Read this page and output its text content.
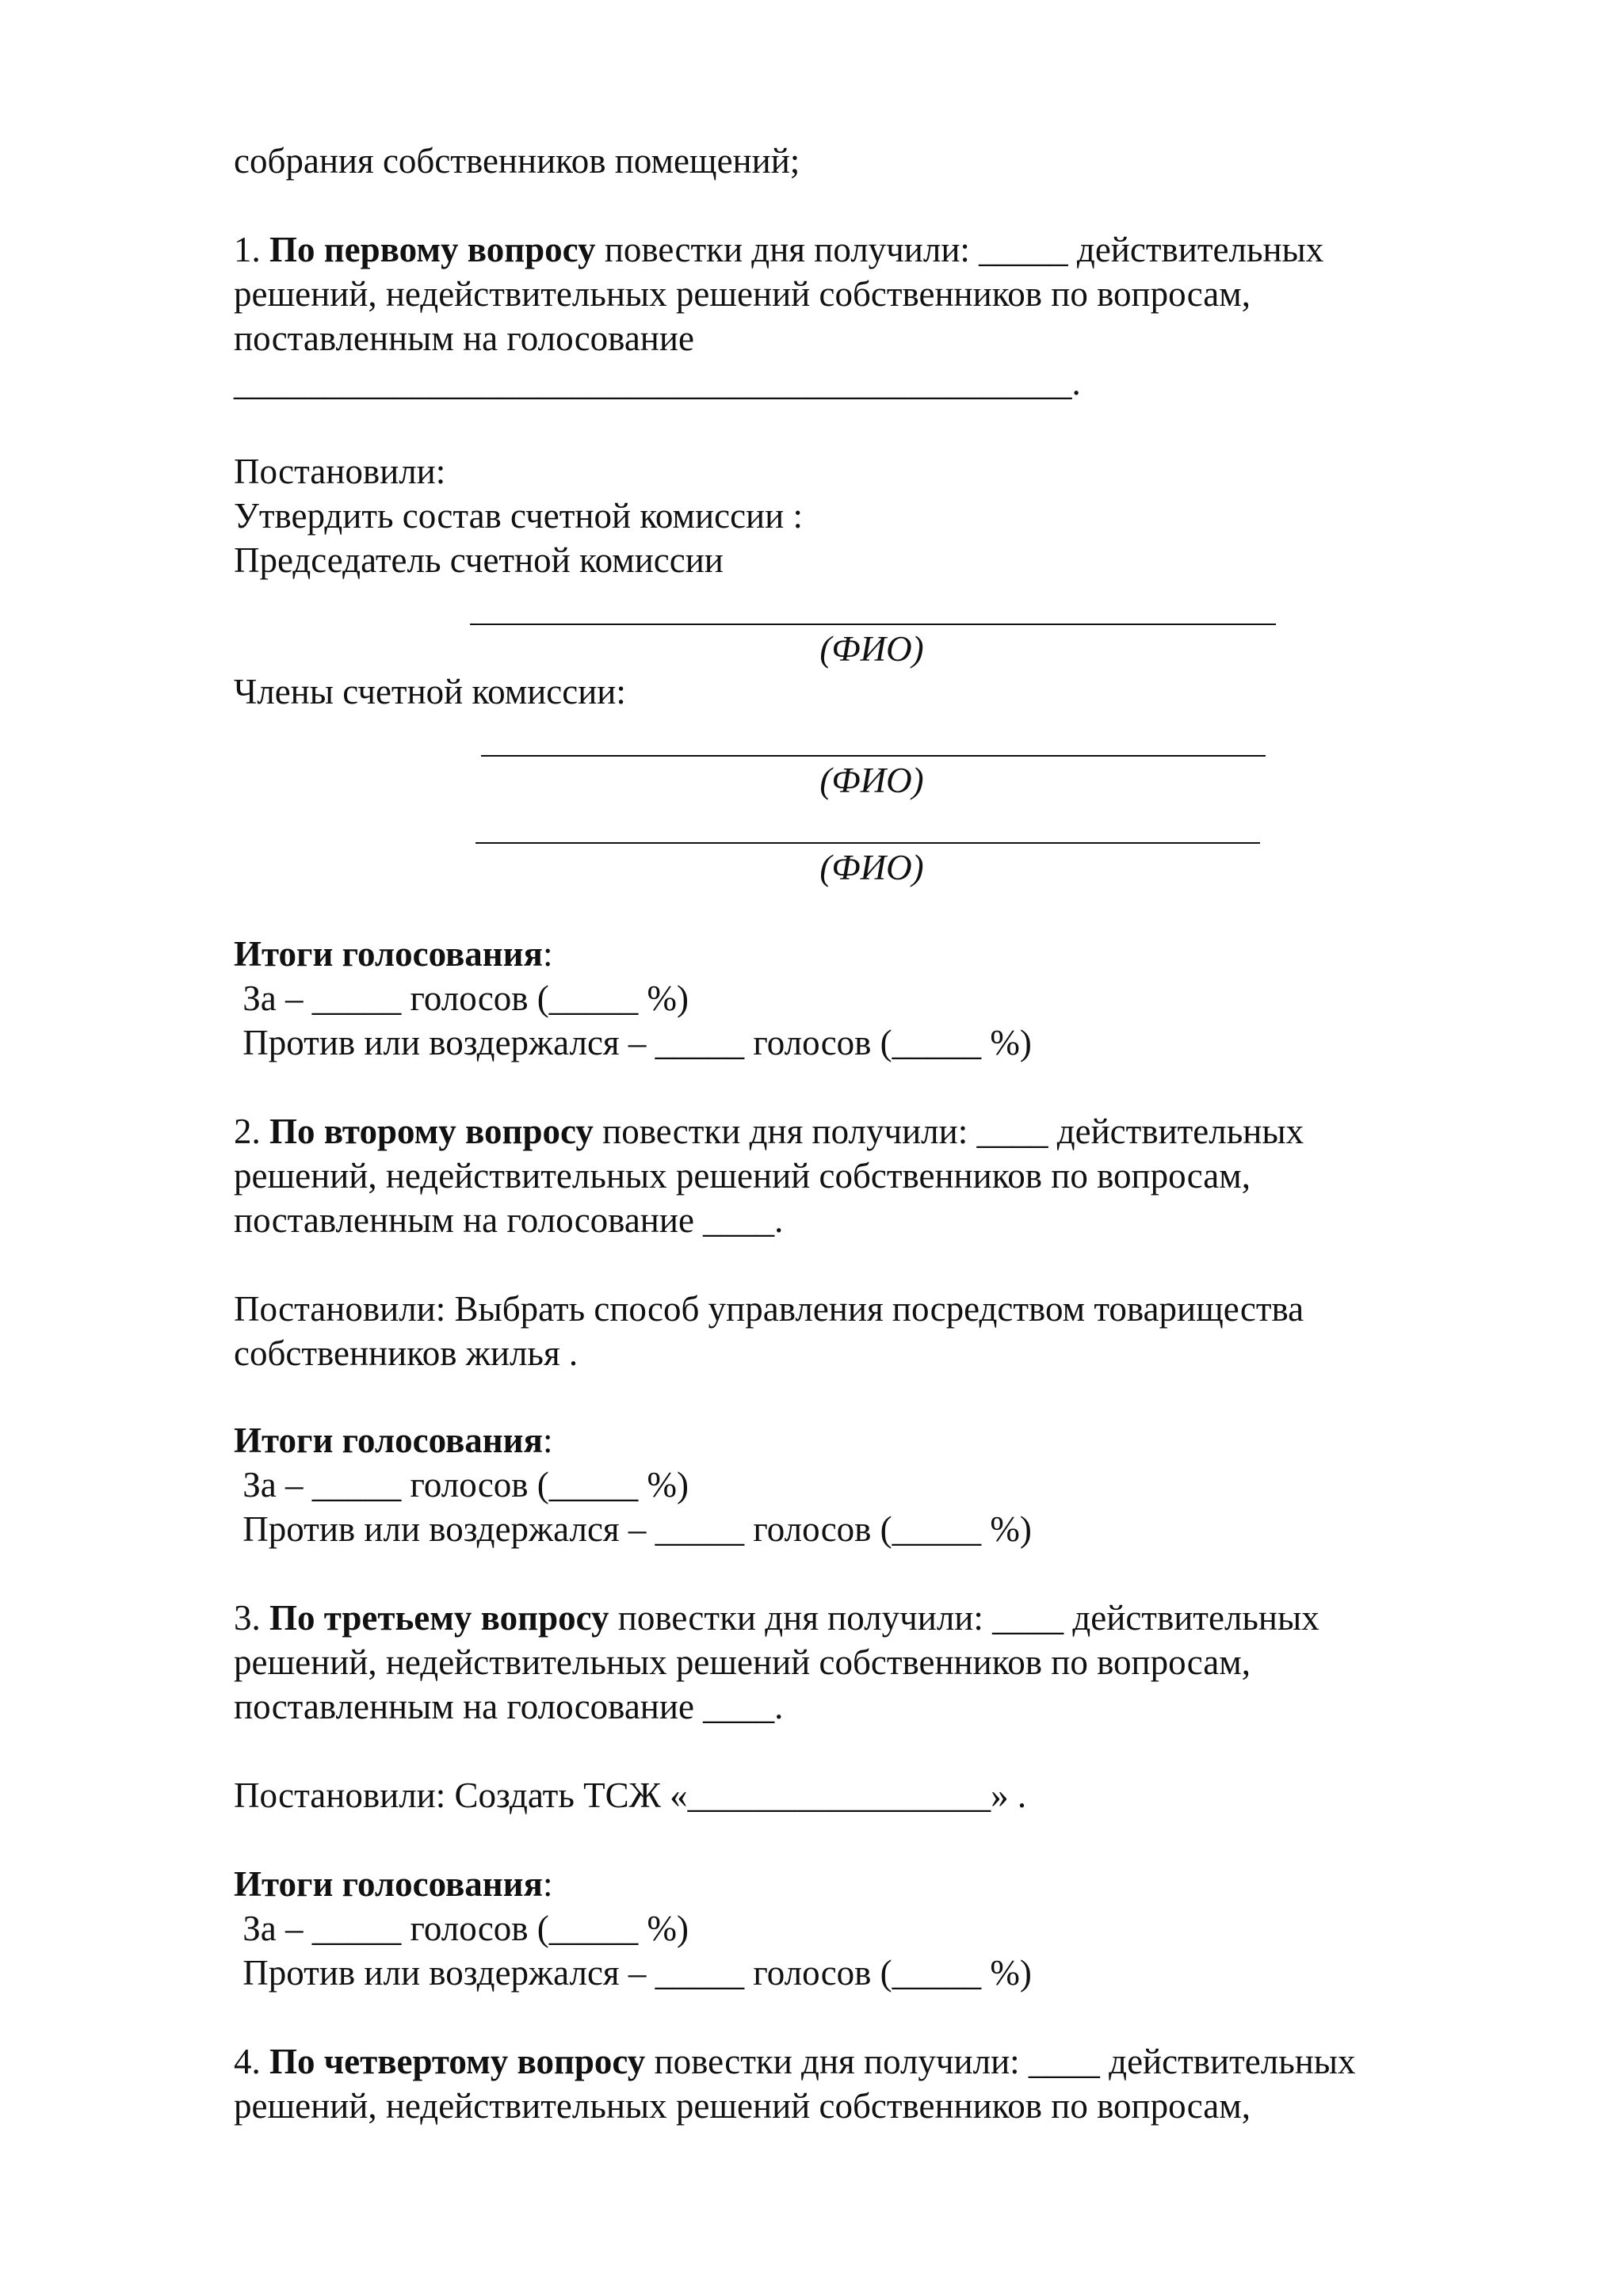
собрания собственников помещений;
1. По первому вопросу повестки дня получили: _____ действительных
решений, недействительных решений собственников по вопросам,
поставленным на голосование
_______________________________________________.
Постановили:
Утвердить состав счетной комиссии :
Председатель счетной комиссии
(ФИО)
Члены счетной комиссии:
(ФИО)
(ФИО)
Итоги голосования:
За – _____ голосов (_____ %)
Против или воздержался – _____ голосов (_____ %)
2. По второму вопросу повестки дня получили: ____ действительных
решений, недействительных решений собственников по вопросам,
поставленным на голосование ____.
Постановили: Выбрать способ управления посредством товарищества
собственников жилья .
Итоги голосования:
За – _____ голосов (_____ %)
Против или воздержался – _____ голосов (_____ %)
3. По третьему вопросу повестки дня получили: ____ действительных
решений, недействительных решений собственников по вопросам,
поставленным на голосование ____.
Постановили: Создать ТСЖ «_________________» .
Итоги голосования:
За – _____ голосов (_____ %)
Против или воздержался – _____ голосов (_____ %)
4. По четвертому вопросу повестки дня получили: ____ действительных
решений, недействительных решений собственников по вопросам,
